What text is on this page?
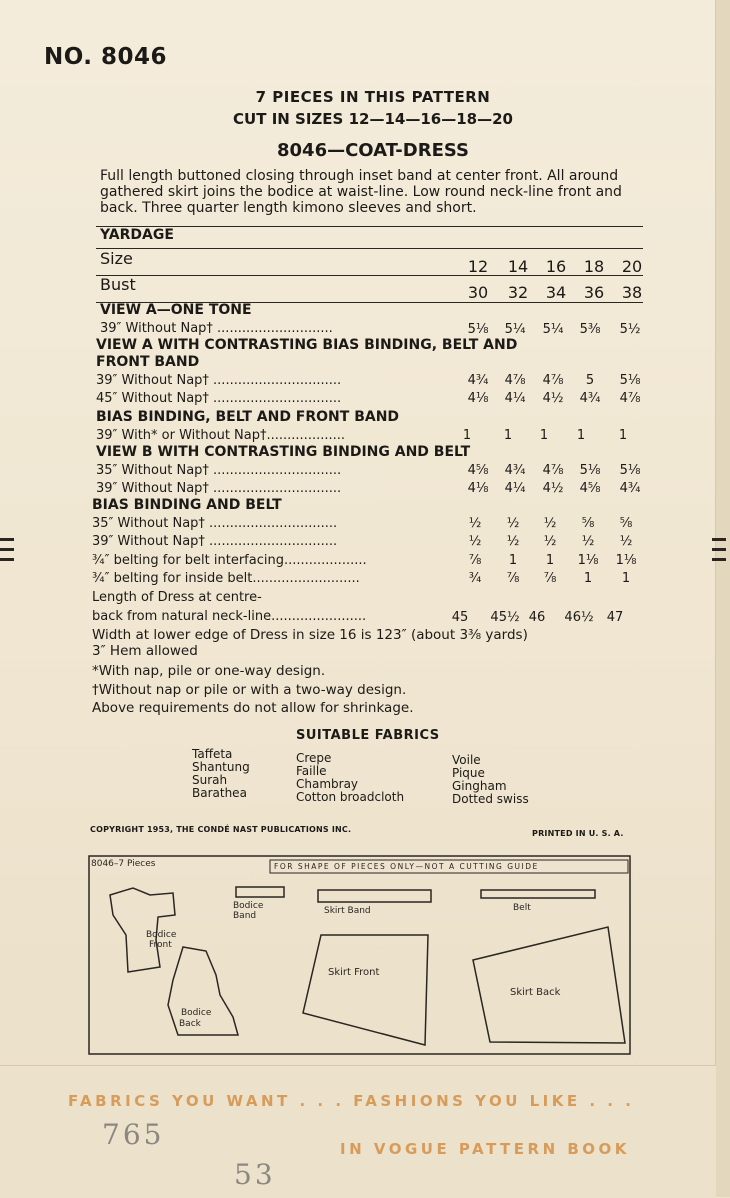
NO. 8046
7 PIECES IN THIS PATTERN
CUT IN SIZES 12—14—16—18—20
8046—COAT-DRESS
Full length buttoned closing through inset band at center front. All around gathered skirt joins the bodice at waist-line. Low round neck-line front and back. Three quarter length kimono sleeves and short.
YARDAGE
Size	12	14	16	18	20
Bust	30	32	34	36	38
VIEW A—ONE TONE
39″ Without Nap† ............................	5⅛	5¼	5¼	5⅜	5½
VIEW A WITH CONTRASTING BIAS BINDING, BELT AND
FRONT BAND
39″ Without Nap† ...............................	4¾	4⅞	4⅞	5	5⅛
45″ Without Nap† ...............................	4⅛	4¼	4½	4¾	4⅞
BIAS BINDING, BELT AND FRONT BAND
39″ With* or Without Nap†...................	1	1	1	1	1
VIEW B WITH CONTRASTING BINDING AND BELT
35″ Without Nap† ...............................	4⅝	4¾	4⅞	5⅛	5⅛
39″ Without Nap† ...............................	4⅛	4¼	4½	4⅝	4¾
BIAS BINDING AND BELT
35″ Without Nap† ...............................	½	½	½	⅝	⅝
39″ Without Nap† ...............................	½	½	½	½	½
¾″ belting for belt interfacing....................	⅞	1	1	1⅛	1⅛
¾″ belting for inside belt..........................	¾	⅞	⅞	1	1
Length of Dress at centre-
back from natural neck-line.......................	45	45½ 46	46½	47
Width at lower edge of Dress in size 16 is 123″ (about 3⅜ yards)
3″ Hem allowed
*With nap, pile or one-way design.
†Without nap or pile or with a two-way design.
Above requirements do not allow for shrinkage.
SUITABLE FABRICS
Taffeta
Shantung
Surah
Barathea
Crepe
Faille
Chambray
Cotton broadcloth
Voile
Pique
Gingham
Dotted swiss
COPYRIGHT 1953, THE CONDÉ NAST PUBLICATIONS INC.	PRINTED IN U. S. A.
8046–7 Pieces	FOR SHAPE OF PIECES ONLY—NOT A CUTTING GUIDE
Bodice
Front
Bodice
Back
Bodice
Band	Skirt Band	Belt
Skirt Front
Skirt Back
FABRICS YOU WANT . . . FASHIONS YOU LIKE . . .
IN VOGUE PATTERN BOOK
765
53
